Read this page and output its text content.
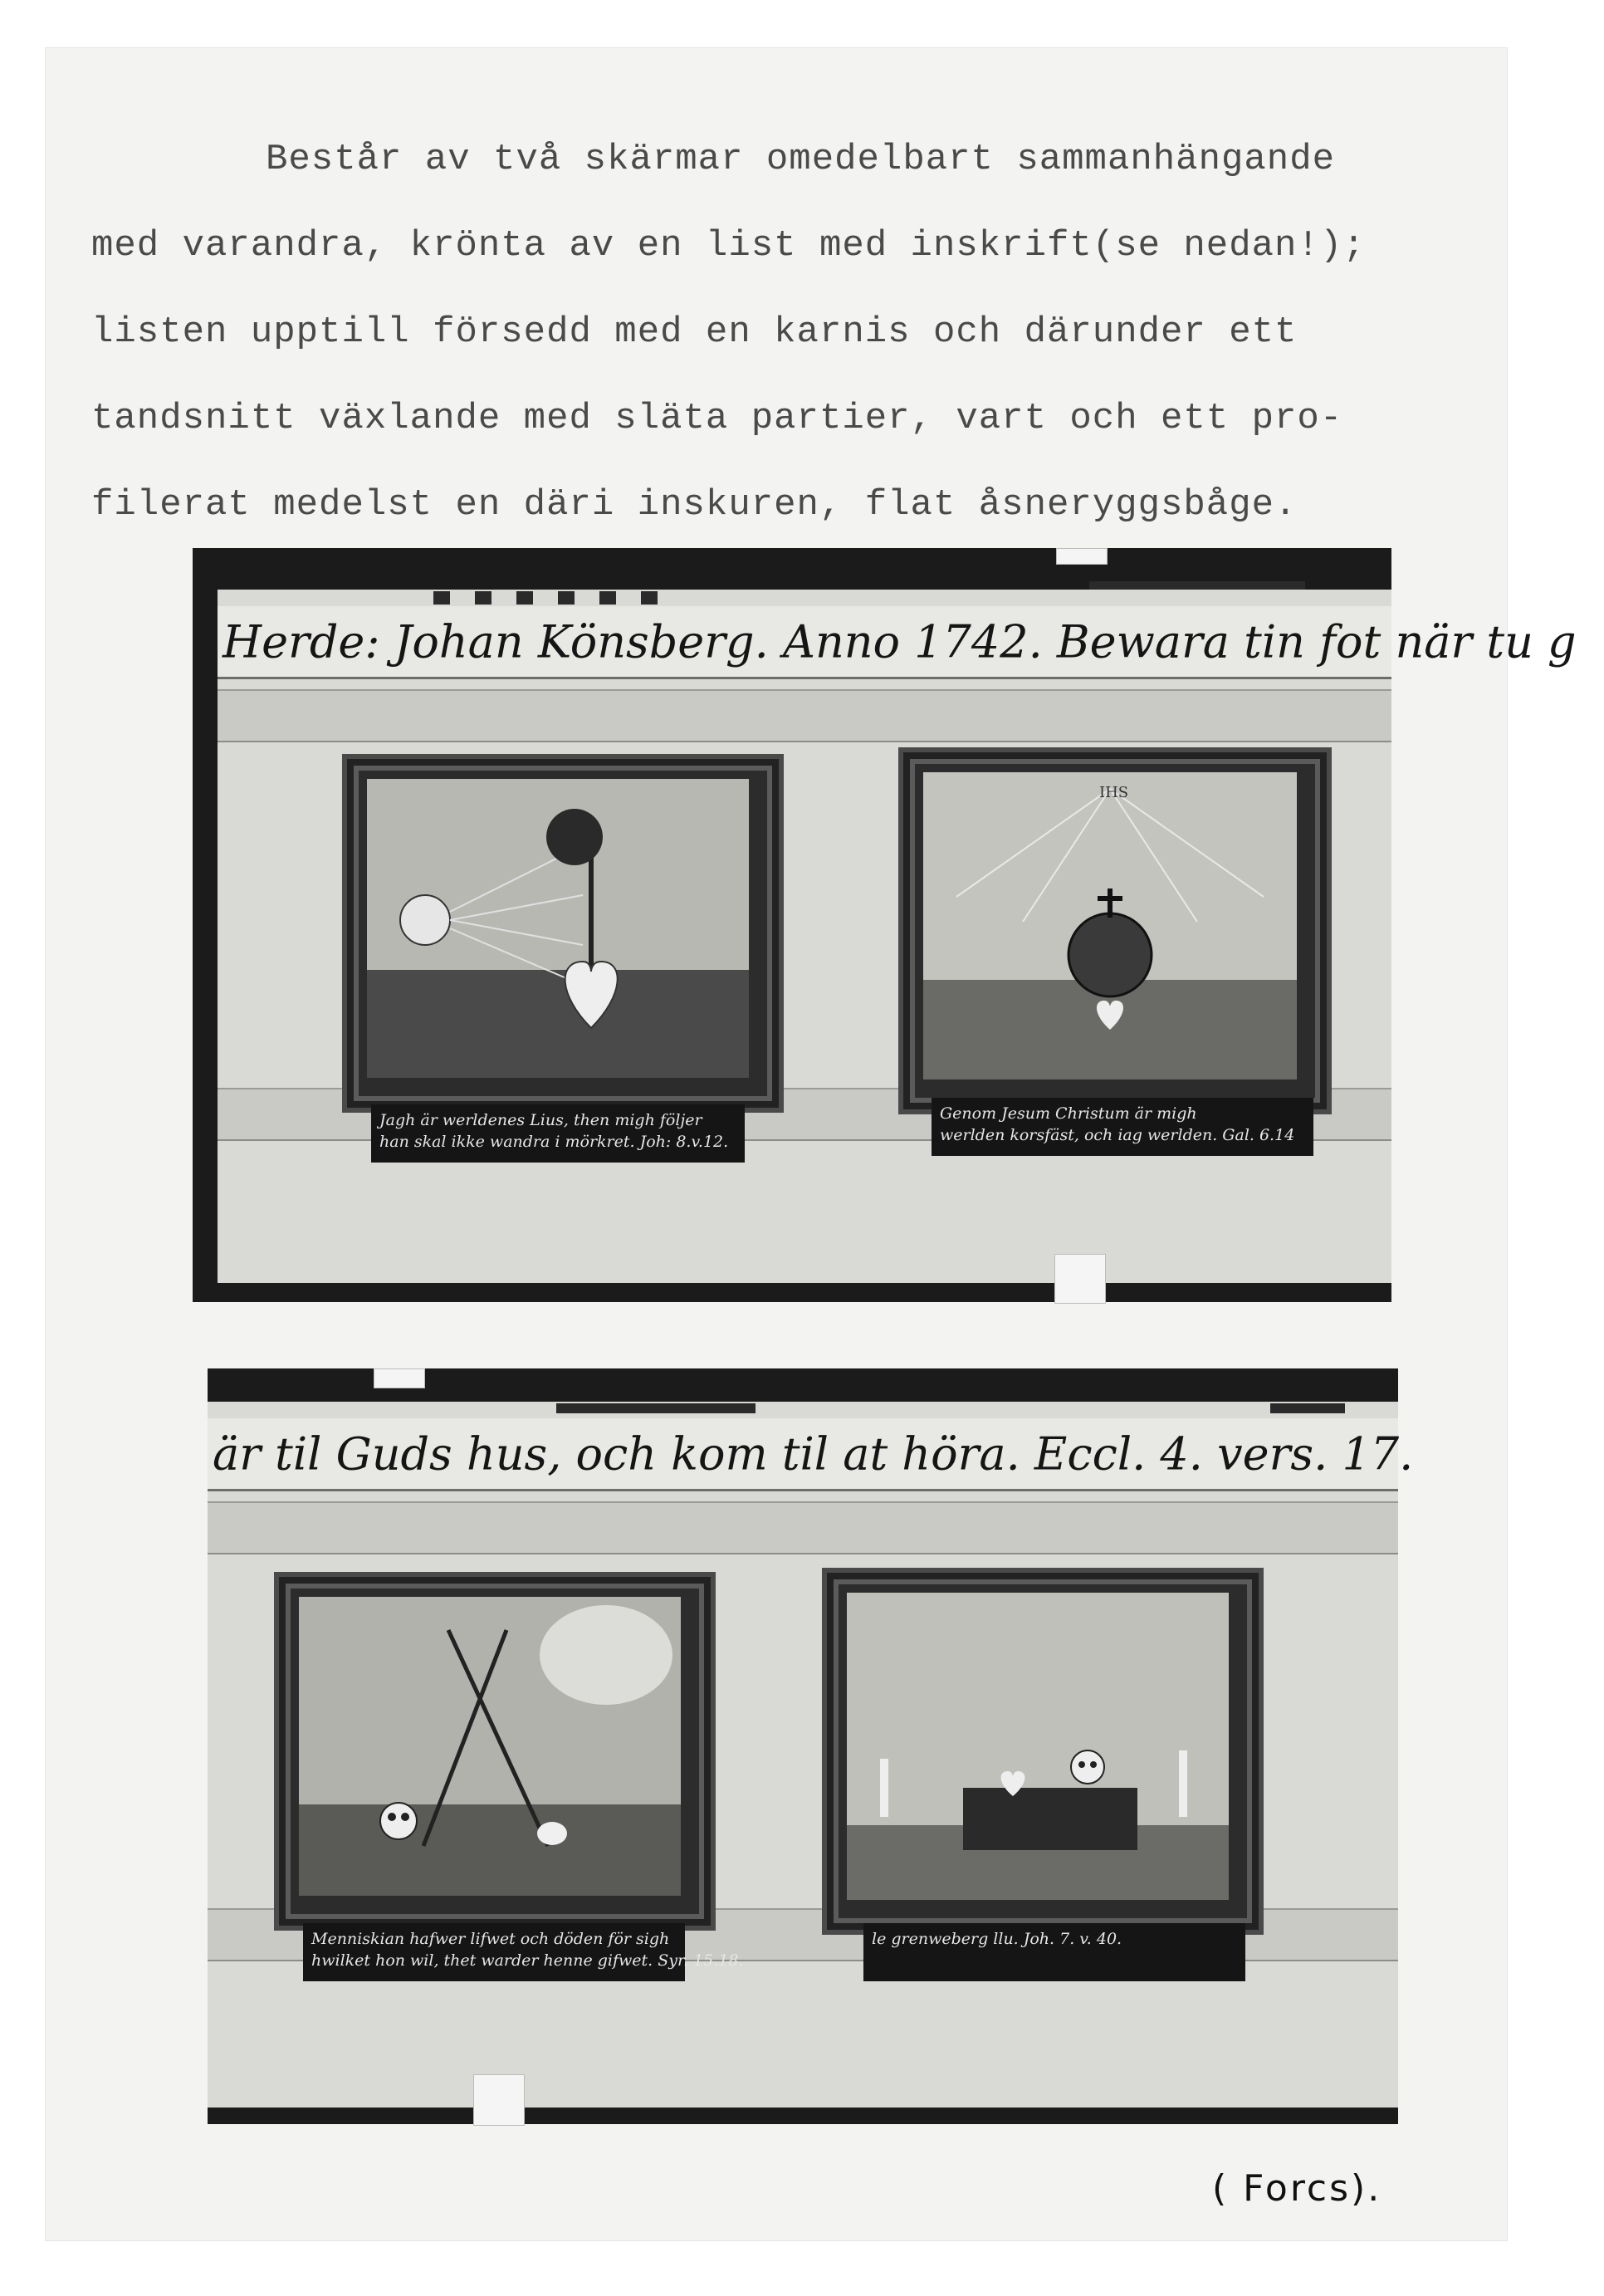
Består av två skärmar omedelbart sammanhängande
med varandra, krönta av en list med inskrift(se nedan!);
listen upptill försedd med en karnis och därunder ett
tandsnitt växlande med släta partier, vart och ett pro-
filerat medelst en däri inskuren, flat åsneryggsbåge.
Herde: Johan Könsberg. Anno 1742. Bewara tin fot när tu g
Jagh är werldenes Lius, then migh följer
han skal ikke wandra i mörkret. Joh: 8.v.12.
IHS
Genom Jesum Christum är migh
werlden korsfäst, och iag werlden. Gal. 6.14
är til Guds hus, och kom til at höra. Eccl. 4. vers. 17.
Menniskian hafwer lifwet och döden för sigh
hwilket hon wil, thet warder henne gifwet. Syr. 15.18.
le grenweberg llu. Joh. 7. v. 40.
( Forcs).
